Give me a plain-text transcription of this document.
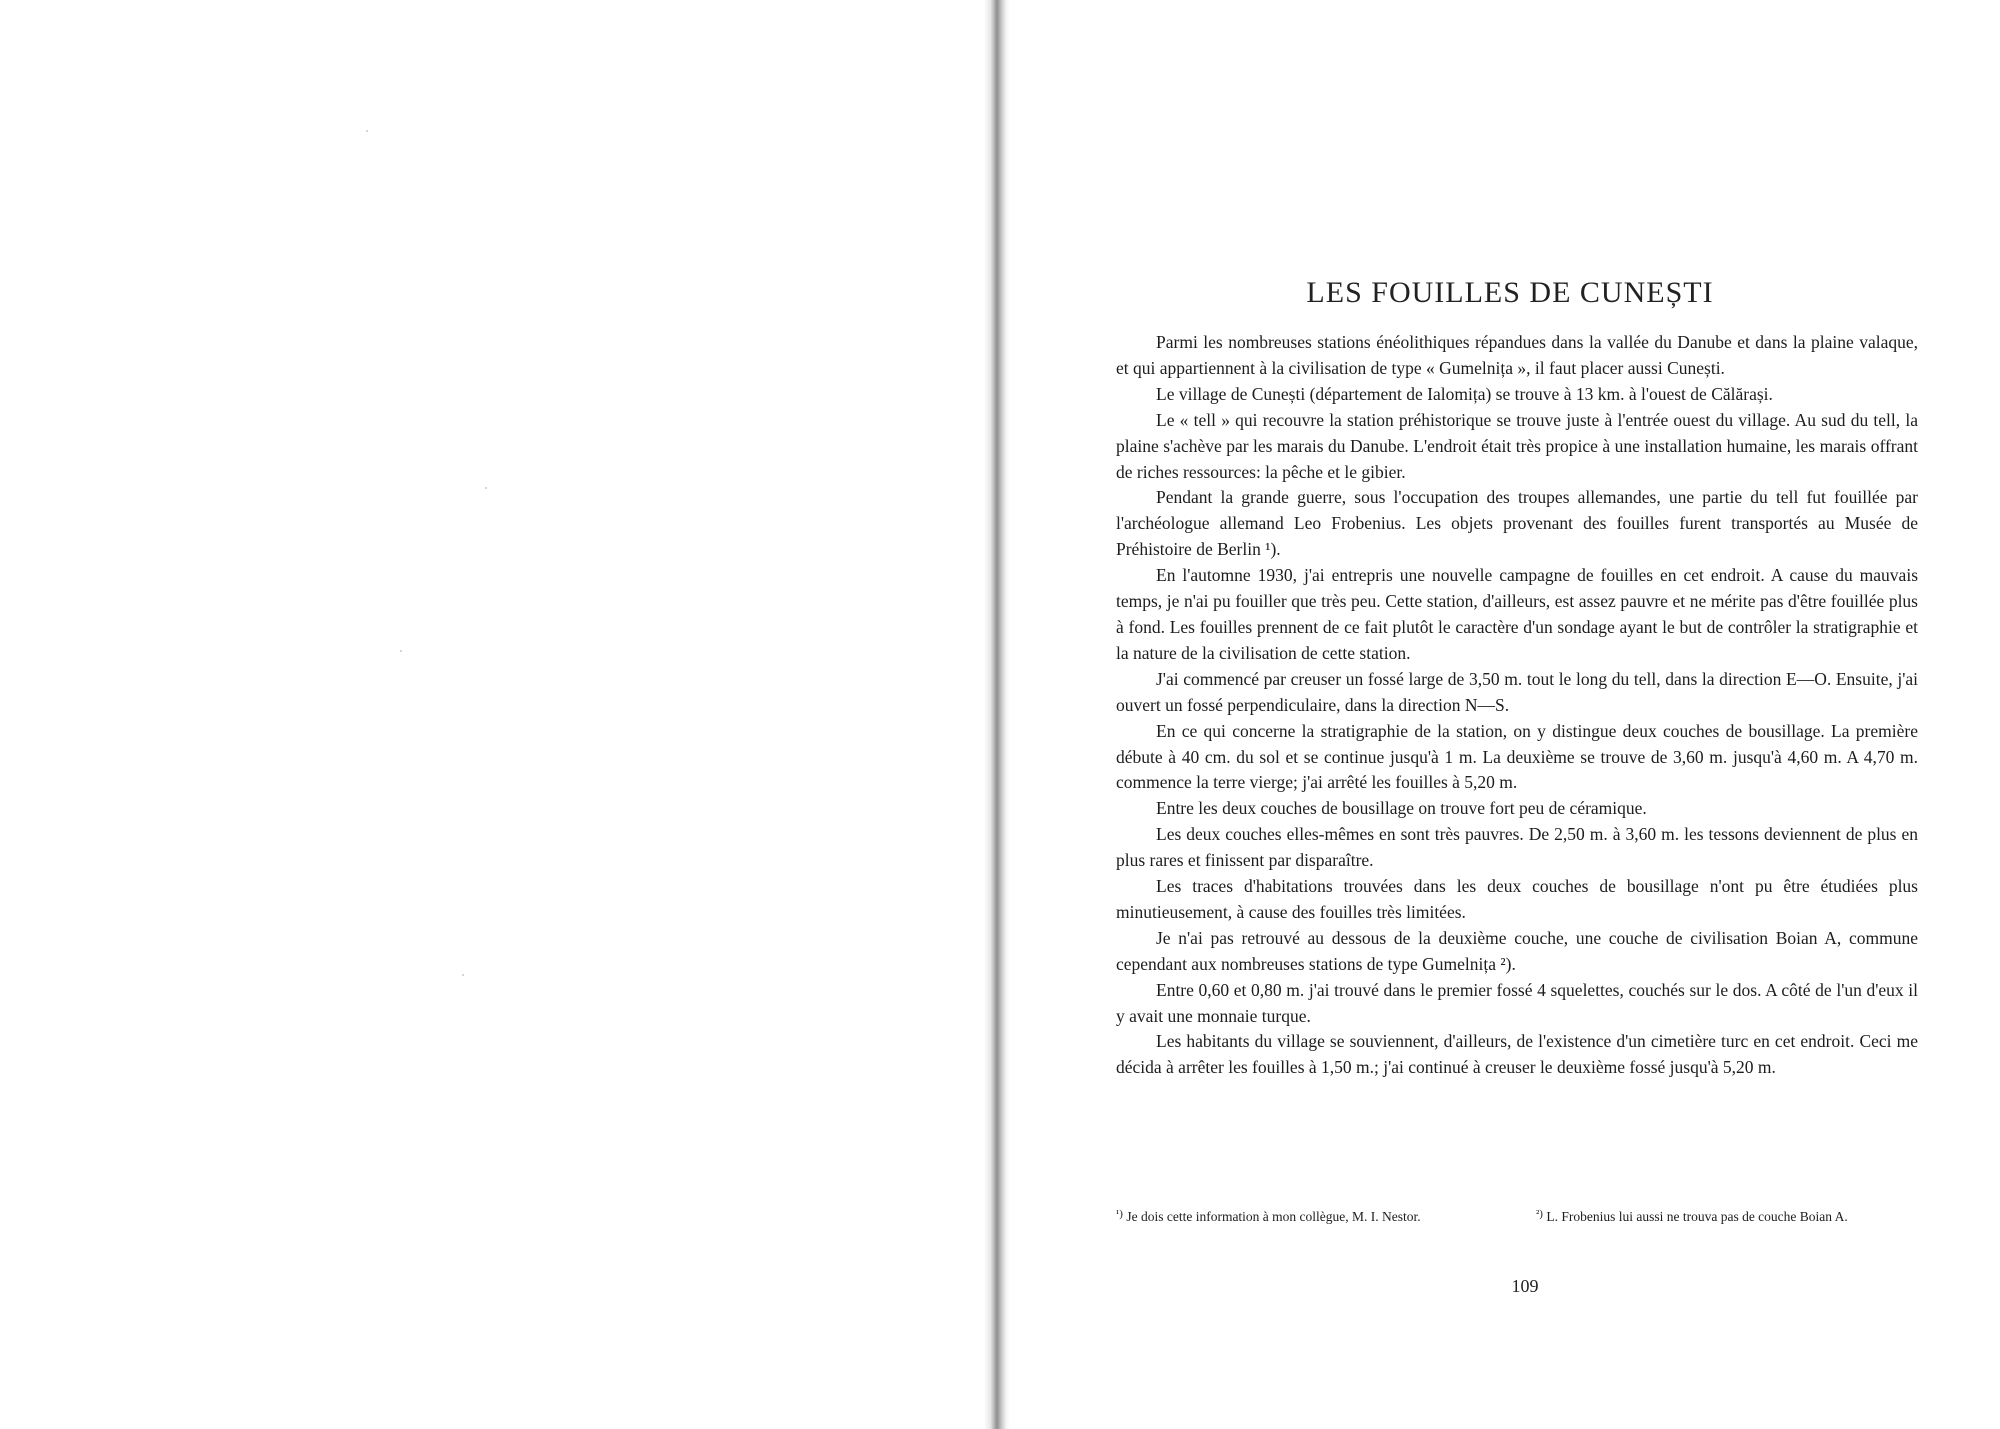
LES FOUILLES DE CUNEȘTI

Parmi les nombreuses stations énéolithiques répandues dans la vallée du Danube et dans la plaine valaque, et qui appartiennent à la civilisation de type « Gumelnița », il faut placer aussi Cunești.

Le village de Cunești (département de Ialomița) se trouve à 13 km. à l'ouest de Călărași.

Le « tell » qui recouvre la station préhistorique se trouve juste à l'entrée ouest du village. Au sud du tell, la plaine s'achève par les marais du Danube. L'endroit était très propice à une installation humaine, les marais offrant de riches ressources: la pêche et le gibier.

Pendant la grande guerre, sous l'occupation des troupes allemandes, une partie du tell fut fouillée par l'archéologue allemand Leo Frobenius. Les objets provenant des fouilles furent transportés au Musée de Préhistoire de Berlin ¹).

En l'automne 1930, j'ai entrepris une nouvelle campagne de fouilles en cet endroit. A cause du mauvais temps, je n'ai pu fouiller que très peu. Cette station, d'ailleurs, est assez pauvre et ne mérite pas d'être fouillée plus à fond. Les fouilles prennent de ce fait plutôt le caractère d'un sondage ayant le but de contrôler la stratigraphie et la nature de la civilisation de cette station.

J'ai commencé par creuser un fossé large de 3,50 m. tout le long du tell, dans la direction E—O. Ensuite, j'ai ouvert un fossé perpendiculaire, dans la direction N—S.

En ce qui concerne la stratigraphie de la station, on y distingue deux couches de bousillage. La première débute à 40 cm. du sol et se continue jusqu'à 1 m. La deuxième se trouve de 3,60 m. jusqu'à 4,60 m. A 4,70 m. commence la terre vierge; j'ai arrêté les fouilles à 5,20 m.

Entre les deux couches de bousillage on trouve fort peu de céramique.

Les deux couches elles-mêmes en sont très pauvres. De 2,50 m. à 3,60 m. les tessons deviennent de plus en plus rares et finissent par disparaître.

Les traces d'habitations trouvées dans les deux couches de bousillage n'ont pu être étudiées plus minutieusement, à cause des fouilles très limitées.

Je n'ai pas retrouvé au dessous de la deuxième couche, une couche de civilisation Boian A, commune cependant aux nombreuses stations de type Gumelnița ²).

Entre 0,60 et 0,80 m. j'ai trouvé dans le premier fossé 4 squelettes, couchés sur le dos. A côté de l'un d'eux il y avait une monnaie turque.

Les habitants du village se souviennent, d'ailleurs, de l'existence d'un cimetière turc en cet endroit. Ceci me décida à arrêter les fouilles à 1,50 m.; j'ai continué à creuser le deuxième fossé jusqu'à 5,20 m.

$^{^1)}$ Je dois cette information à mon collègue, M. I. Nestor.	$^{^2)}$ L. Frobenius lui aussi ne trouva pas de couche Boian A.
109
